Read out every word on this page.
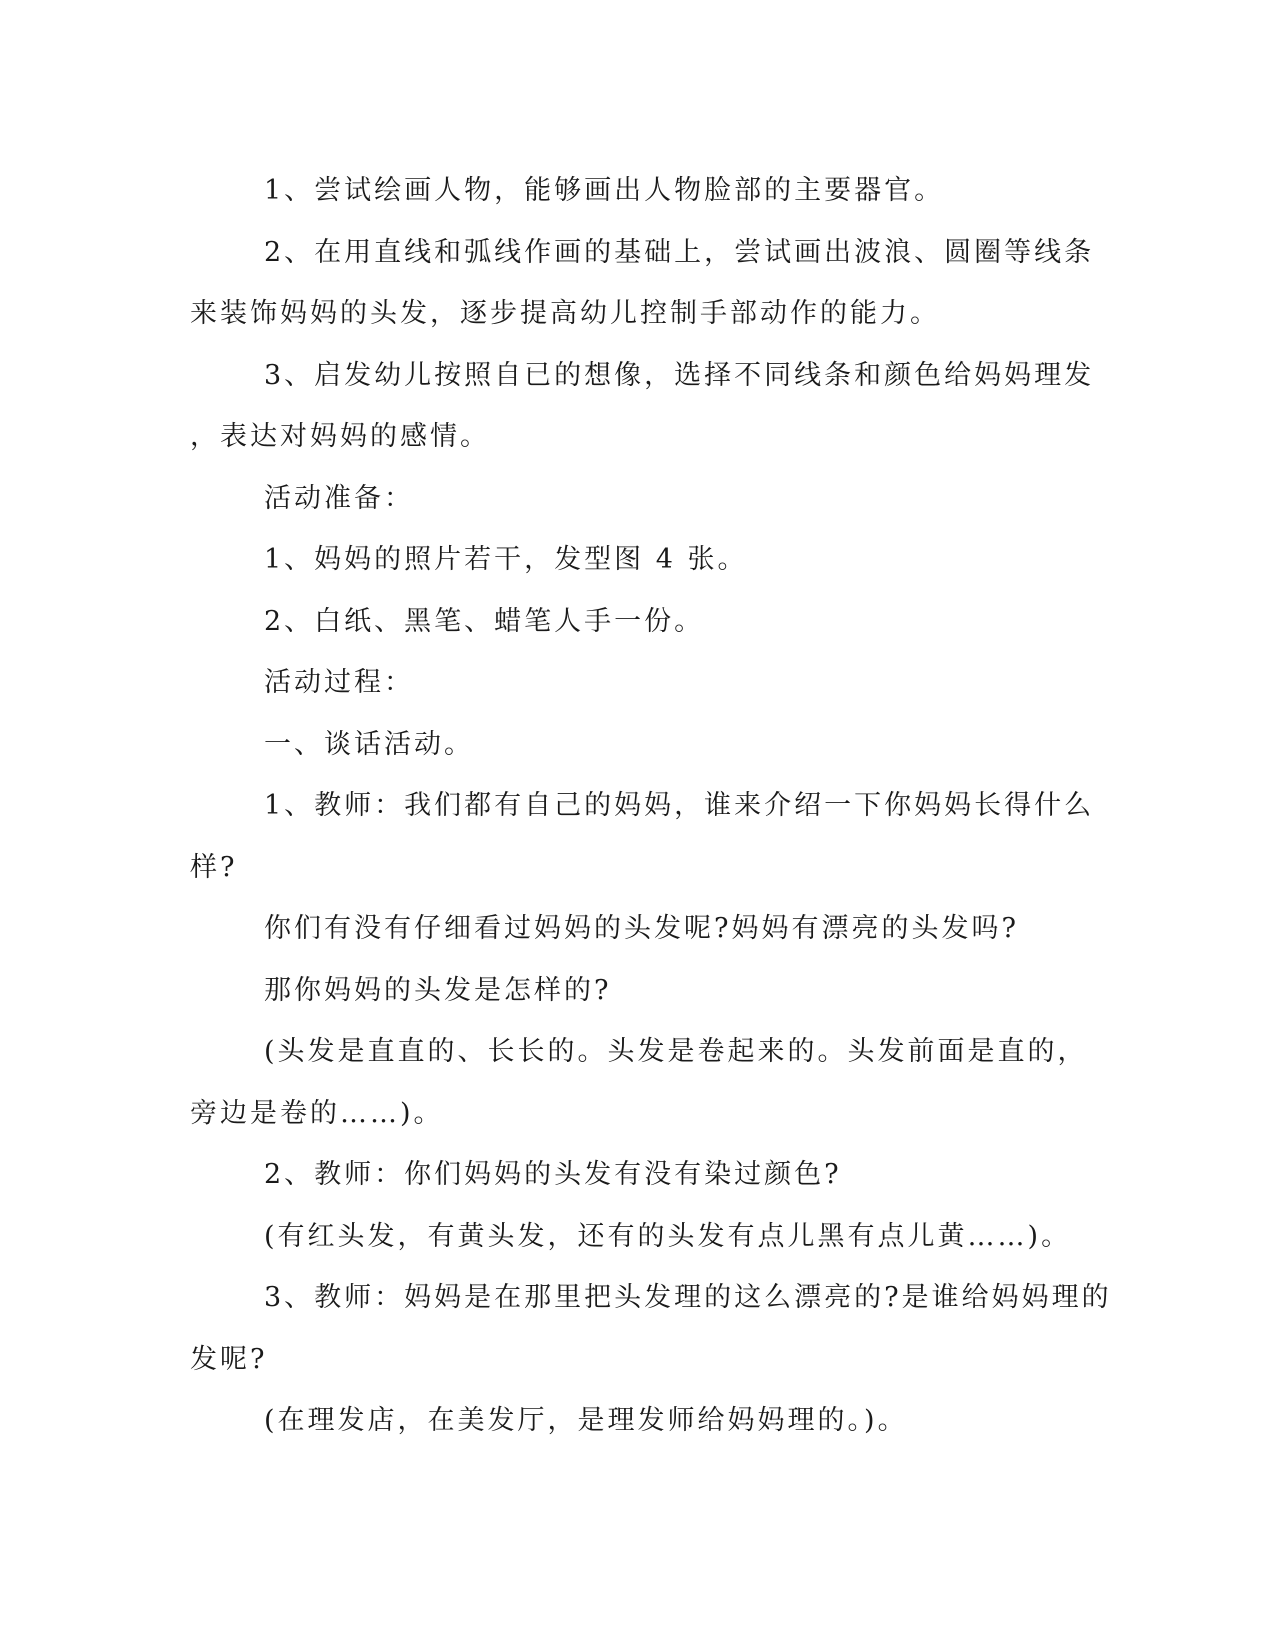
1、尝试绘画人物，能够画出人物脸部的主要器官。
2、在用直线和弧线作画的基础上，尝试画出波浪、圆圈等线条
来装饰妈妈的头发，逐步提高幼儿控制手部动作的能力。
3、启发幼儿按照自已的想像，选择不同线条和颜色给妈妈理发
，表达对妈妈的感情。
活动准备：
1、妈妈的照片若干，发型图 4 张。
2、白纸、黑笔、蜡笔人手一份。
活动过程：
一、谈话活动。
1、教师：我们都有自己的妈妈，谁来介绍一下你妈妈长得什么
样?
你们有没有仔细看过妈妈的头发呢?妈妈有漂亮的头发吗?
那你妈妈的头发是怎样的?
(头发是直直的、长长的。头发是卷起来的。头发前面是直的，
旁边是卷的……)。
2、教师：你们妈妈的头发有没有染过颜色?
(有红头发，有黄头发，还有的头发有点儿黑有点儿黄……)。
3、教师：妈妈是在那里把头发理的这么漂亮的?是谁给妈妈理的
发呢?
(在理发店，在美发厅，是理发师给妈妈理的。)。
